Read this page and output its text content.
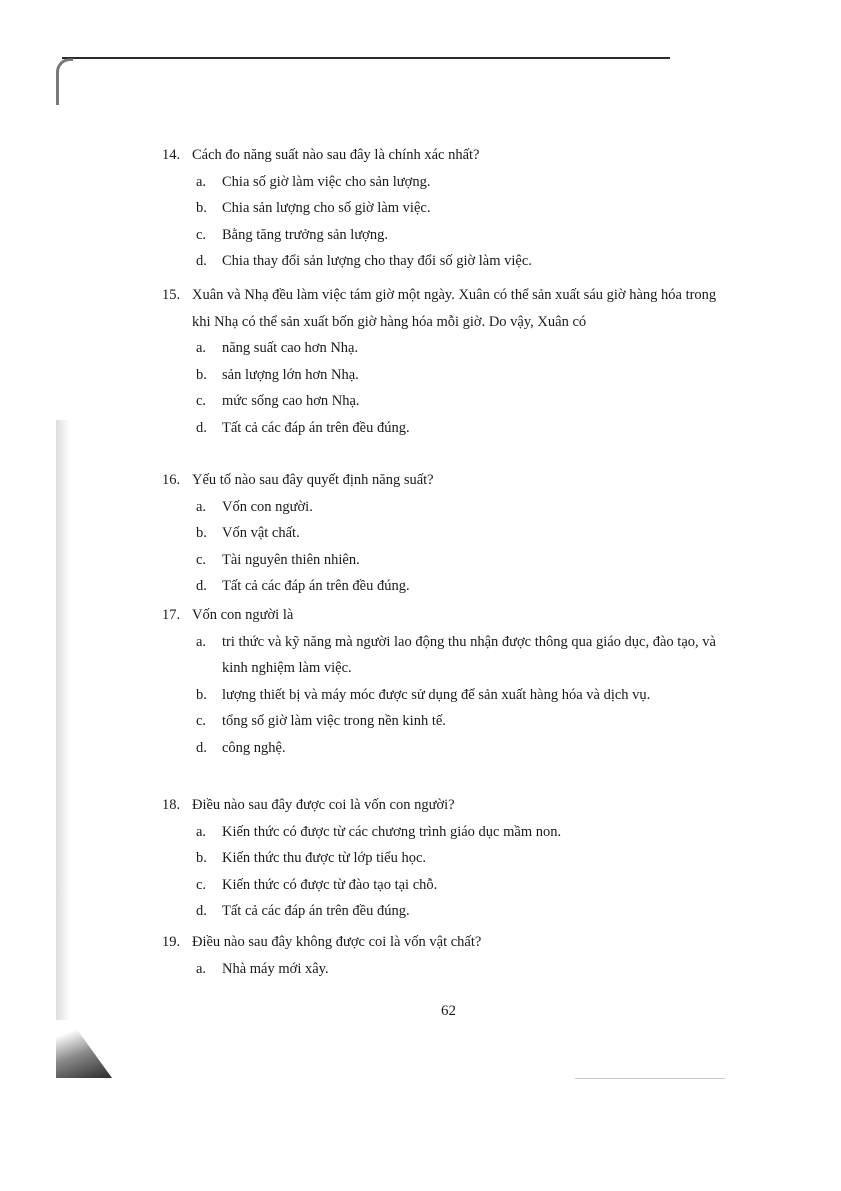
14. Cách đo năng suất nào sau đây là chính xác nhất?
a. Chia số giờ làm việc cho sản lượng.
b. Chia sản lượng cho số giờ làm việc.
c. Bằng tăng trưởng sản lượng.
d. Chia thay đổi sản lượng cho thay đổi số giờ làm việc.
15. Xuân và Nhạ đều làm việc tám giờ một ngày. Xuân có thể sản xuất sáu giờ hàng hóa trong khi Nhạ có thể sản xuất bốn giờ hàng hóa mỗi giờ. Do vậy, Xuân có
a. năng suất cao hơn Nhạ.
b. sản lượng lớn hơn Nhạ.
c. mức sống cao hơn Nhạ.
d. Tất cả các đáp án trên đều đúng.
16. Yếu tố nào sau đây quyết định năng suất?
a. Vốn con người.
b. Vốn vật chất.
c. Tài nguyên thiên nhiên.
d. Tất cả các đáp án trên đều đúng.
17. Vốn con người là
a. tri thức và kỹ năng mà người lao động thu nhận được thông qua giáo dục, đào tạo, và kinh nghiệm làm việc.
b. lượng thiết bị và máy móc được sử dụng để sản xuất hàng hóa và dịch vụ.
c. tổng số giờ làm việc trong nền kinh tế.
d. công nghệ.
18. Điều nào sau đây được coi là vốn con người?
a. Kiến thức có được từ các chương trình giáo dục mầm non.
b. Kiến thức thu được từ lớp tiểu học.
c. Kiến thức có được từ đào tạo tại chỗ.
d. Tất cả các đáp án trên đều đúng.
19. Điều nào sau đây không được coi là vốn vật chất?
a. Nhà máy mới xây.
62
